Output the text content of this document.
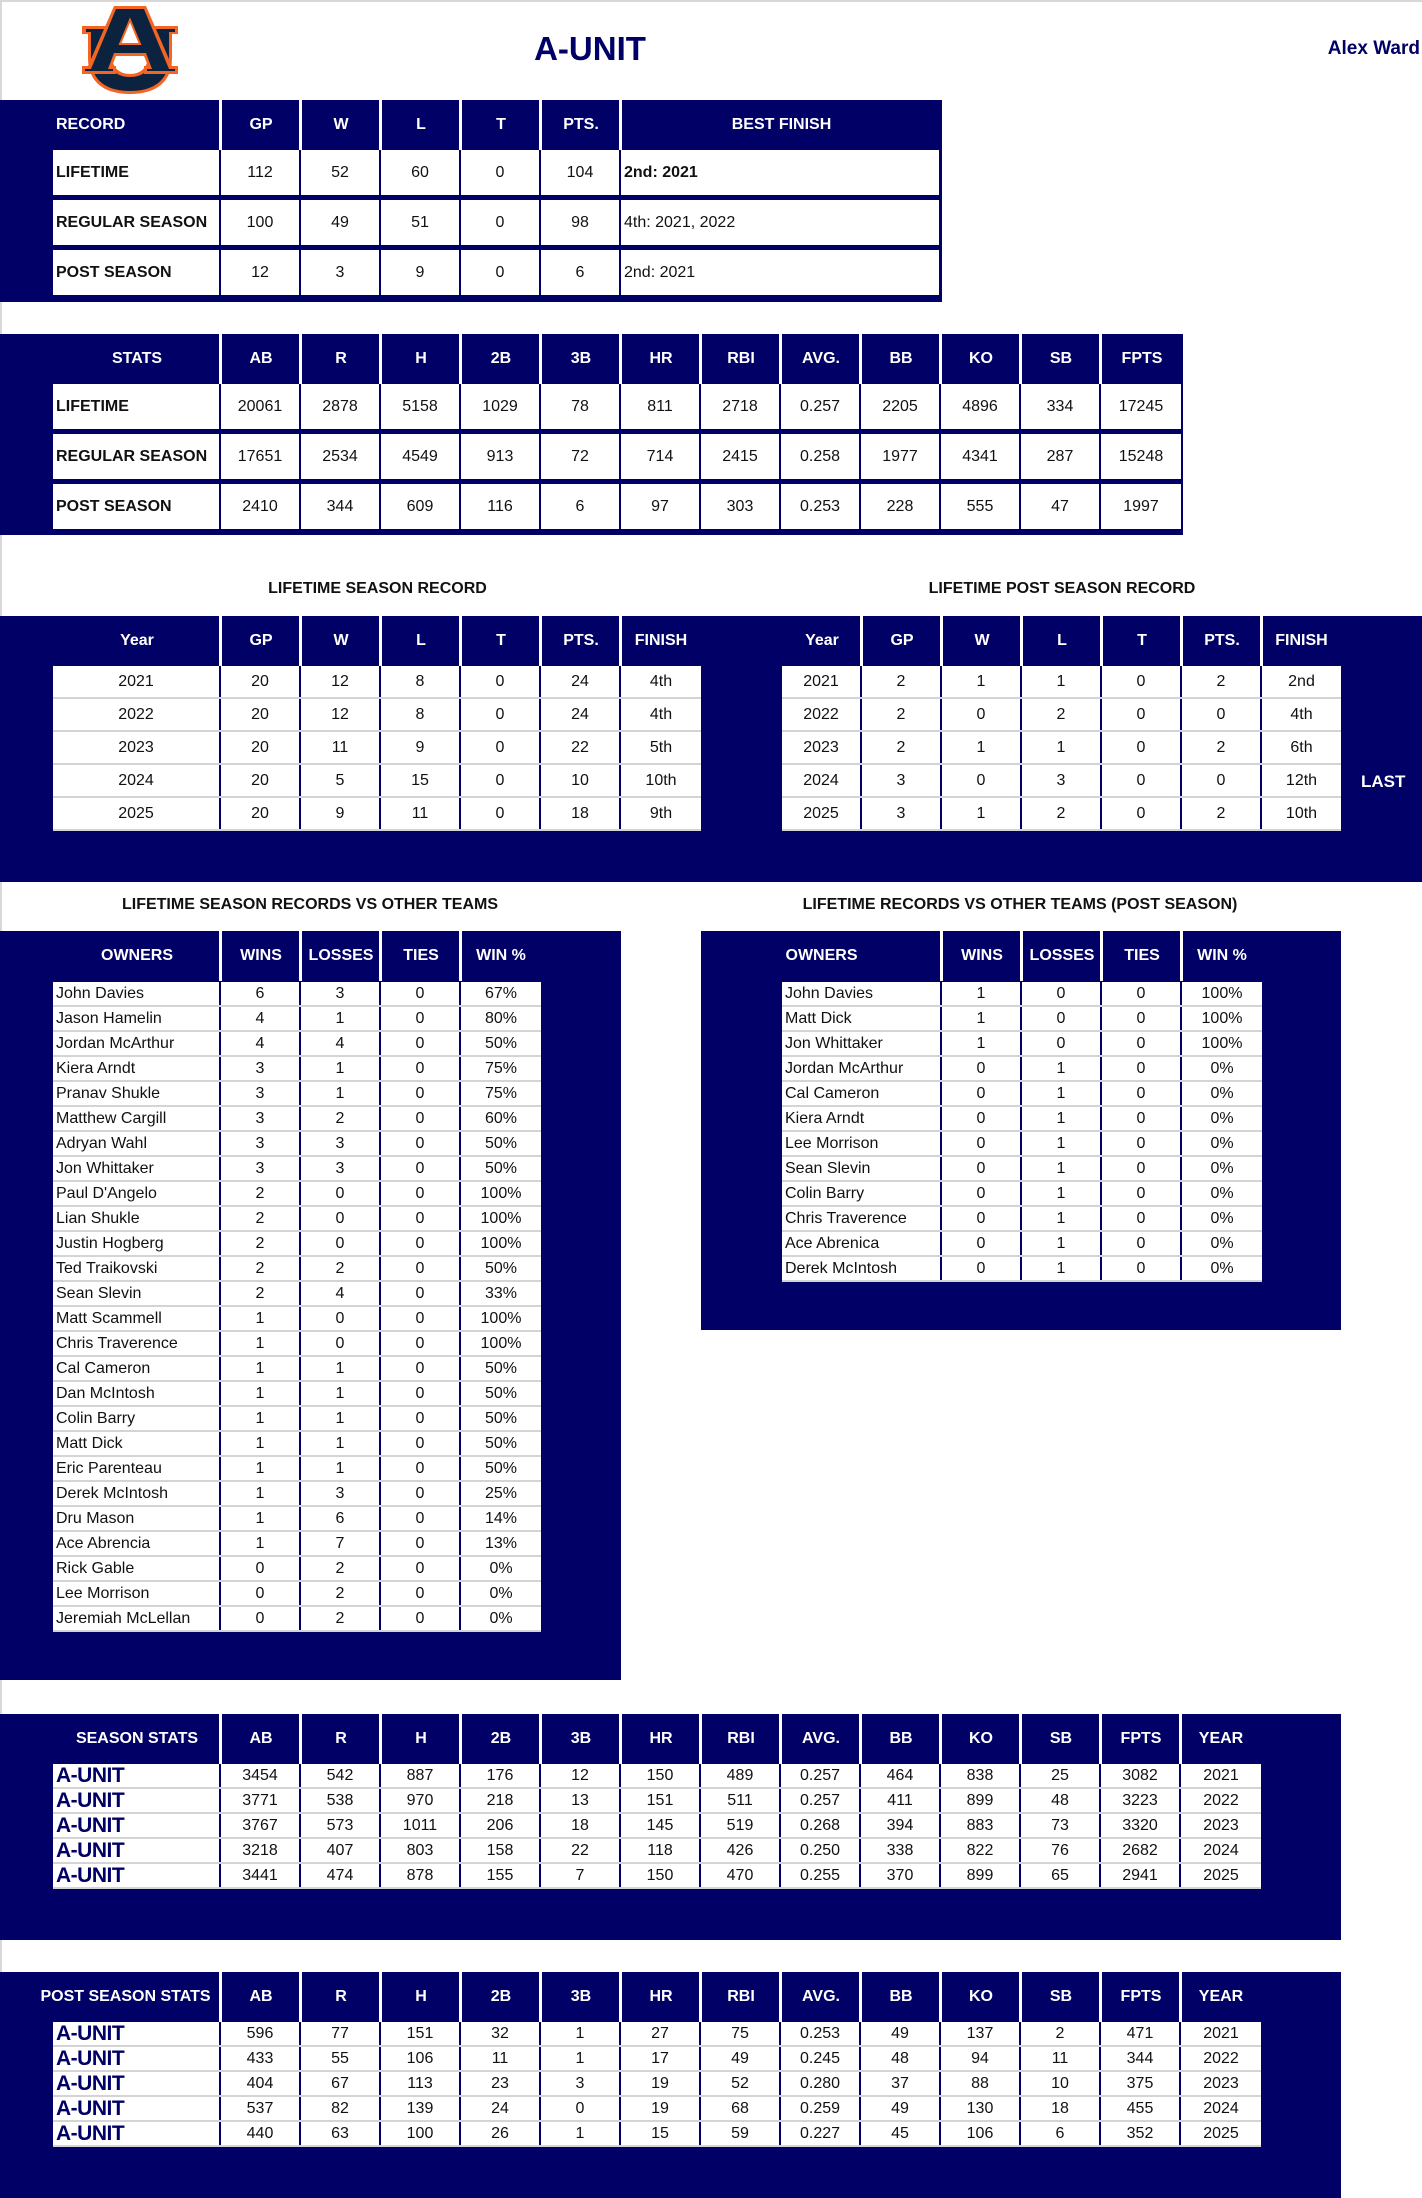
A-UNIT	Alex Ward
RECORD	GP	W	L	T	PTS.	BEST FINISH
LIFETIME	112	52	60	0	104	2nd: 2021
REGULAR SEASON	100	49	51	0	98	4th: 2021, 2022
POST SEASON	12	3	9	0	6	2nd: 2021
STATS	AB	R	H	2B	3B	HR	RBI	AVG.	BB	KO	SB	FPTS
LIFETIME	20061	2878	5158	1029	78	811	2718	0.257	2205	4896	334	17245
REGULAR SEASON	17651	2534	4549	913	72	714	2415	0.258	1977	4341	287	15248
POST SEASON	2410	344	609	116	6	97	303	0.253	228	555	47	1997
LIFETIME SEASON RECORD	LIFETIME POST SEASON RECORD
Year	GP	W	L	T	PTS.	FINISH
2021	20	12	8	0	24	4th
2022	20	12	8	0	24	4th
2023	20	11	9	0	22	5th
2024	20	5	15	0	10	10th
2025	20	9	11	0	18	9th
Year	GP	W	L	T	PTS.	FINISH
2021	2	1	1	0	2	2nd
2022	2	0	2	0	0	4th
2023	2	1	1	0	2	6th
2024	3	0	3	0	0	12th
2025	3	1	2	0	2	10th
LAST
LIFETIME SEASON RECORDS VS OTHER TEAMS	LIFETIME RECORDS VS OTHER TEAMS (POST SEASON)
OWNERS	WINS	LOSSES	TIES	WIN %
John Davies	6	3	0	67%
Jason Hamelin	4	1	0	80%
Jordan McArthur	4	4	0	50%
Kiera Arndt	3	1	0	75%
Pranav Shukle	3	1	0	75%
Matthew Cargill	3	2	0	60%
Adryan Wahl	3	3	0	50%
Jon Whittaker	3	3	0	50%
Paul D'Angelo	2	0	0	100%
Lian Shukle	2	0	0	100%
Justin Hogberg	2	0	0	100%
Ted Traikovski	2	2	0	50%
Sean Slevin	2	4	0	33%
Matt Scammell	1	0	0	100%
Chris Traverence	1	0	0	100%
Cal Cameron	1	1	0	50%
Dan McIntosh	1	1	0	50%
Colin Barry	1	1	0	50%
Matt Dick	1	1	0	50%
Eric Parenteau	1	1	0	50%
Derek McIntosh	1	3	0	25%
Dru Mason	1	6	0	14%
Ace Abrencia	1	7	0	13%
Rick Gable	0	2	0	0%
Lee Morrison	0	2	0	0%
Jeremiah McLellan	0	2	0	0%
OWNERS	WINS	LOSSES	TIES	WIN %
John Davies	1	0	0	100%
Matt Dick	1	0	0	100%
Jon Whittaker	1	0	0	100%
Jordan McArthur	0	1	0	0%
Cal Cameron	0	1	0	0%
Kiera Arndt	0	1	0	0%
Lee Morrison	0	1	0	0%
Sean Slevin	0	1	0	0%
Colin Barry	0	1	0	0%
Chris Traverence	0	1	0	0%
Ace Abrenica	0	1	0	0%
Derek McIntosh	0	1	0	0%
SEASON STATS	AB	R	H	2B	3B	HR	RBI	AVG.	BB	KO	SB	FPTS	YEAR
A-UNIT	3454	542	887	176	12	150	489	0.257	464	838	25	3082	2021
A-UNIT	3771	538	970	218	13	151	511	0.257	411	899	48	3223	2022
A-UNIT	3767	573	1011	206	18	145	519	0.268	394	883	73	3320	2023
A-UNIT	3218	407	803	158	22	118	426	0.250	338	822	76	2682	2024
A-UNIT	3441	474	878	155	7	150	470	0.255	370	899	65	2941	2025
POST SEASON STATS	AB	R	H	2B	3B	HR	RBI	AVG.	BB	KO	SB	FPTS	YEAR
A-UNIT	596	77	151	32	1	27	75	0.253	49	137	2	471	2021
A-UNIT	433	55	106	11	1	17	49	0.245	48	94	11	344	2022
A-UNIT	404	67	113	23	3	19	52	0.280	37	88	10	375	2023
A-UNIT	537	82	139	24	0	19	68	0.259	49	130	18	455	2024
A-UNIT	440	63	100	26	1	15	59	0.227	45	106	6	352	2025
